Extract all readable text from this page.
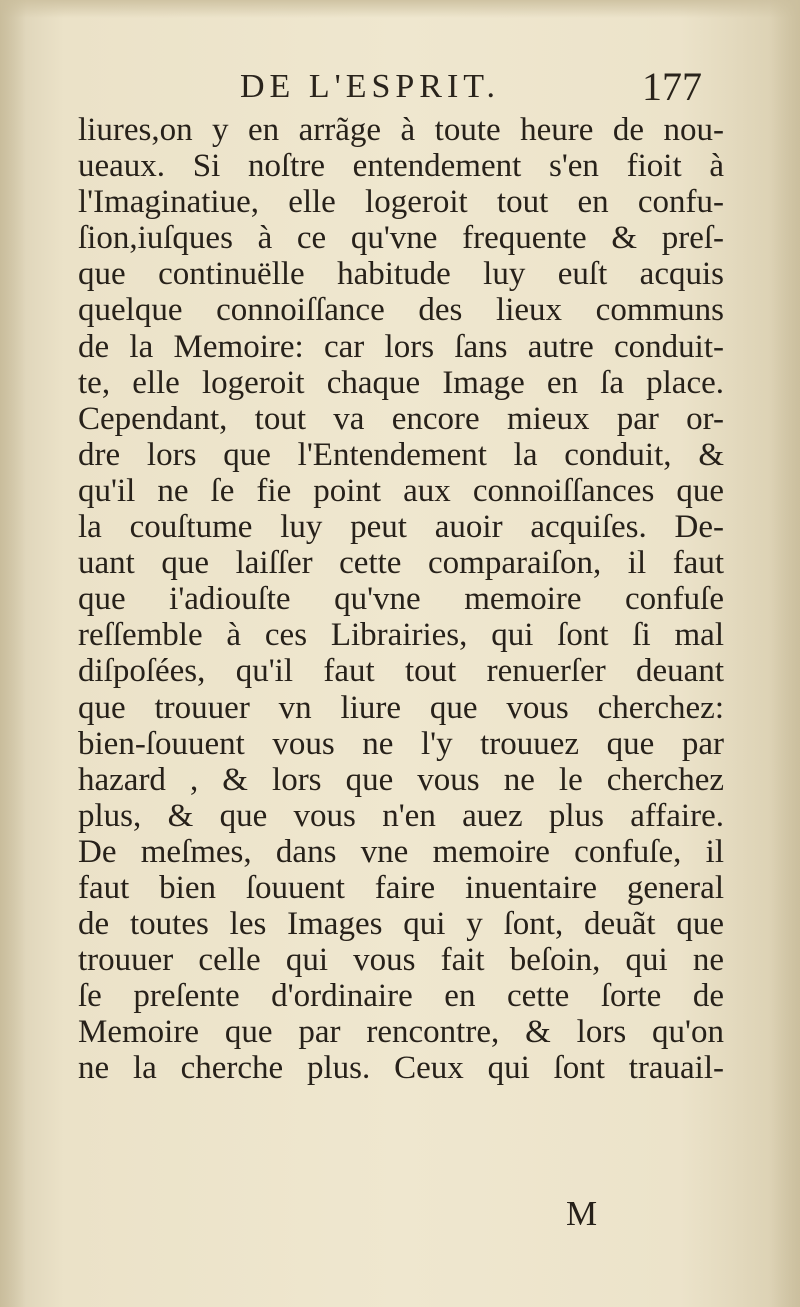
DE L'ESPRIT.	177
liures,on y en arrãge à toute heure de nou-
ueaux. Si noſtre entendement s'en fioit à
l'Imaginatiue, elle logeroit tout en confu-
ſion,iuſques à ce qu'vne frequente & preſ-
que continuëlle habitude luy euſt acquis
quelque connoiſſance des lieux communs
de la Memoire: car lors ſans autre conduit-
te, elle logeroit chaque Image en ſa place.
Cependant, tout va encore mieux par or-
dre lors que l'Entendement la conduit, &
qu'il ne ſe fie point aux connoiſſances que
la couſtume luy peut auoir acquiſes. De-
uant que laiſſer cette comparaiſon, il faut
que i'adiouſte qu'vne memoire confuſe
reſſemble à ces Librairies, qui ſont ſi mal
diſpoſées, qu'il faut tout renuerſer deuant
que trouuer vn liure que vous cherchez:
bien-ſouuent vous ne l'y trouuez que par
hazard , & lors que vous ne le cherchez
plus, & que vous n'en auez plus affaire.
De meſmes, dans vne memoire confuſe, il
faut bien ſouuent faire inuentaire general
de toutes les Images qui y ſont, deuãt que
trouuer celle qui vous fait beſoin, qui ne
ſe preſente d'ordinaire en cette ſorte de
Memoire que par rencontre, & lors qu'on
ne la cherche plus. Ceux qui ſont trauail-
M
